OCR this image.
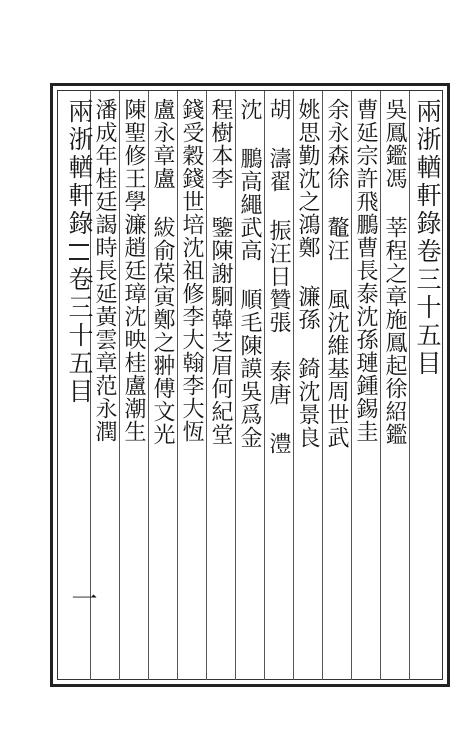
兩浙輶軒錄卷三十五目
吳鳳鑑馮 莘程之章施鳳起徐紹鑑
曹延宗許飛鵬曹長泰沈孫璉鍾錫圭
余永森徐 鼇汪 風沈維基周世武
姚思勤沈之鴻鄭 濂孫 錡沈景良
胡 濤翟 振汪日贊張 泰唐 澧
沈 鵬高繩武高 順毛陳謨吳爲金
程樹本李 鑒陳謝駉韓芝眉何紀堂
錢受穀錢世培沈祖修李大翰李大恆
盧永章盧 紱俞葆寅鄭之翀傅文光
陳聖修王學濂趙廷璋沈映桂盧潮生
潘成年桂廷謁時長延黃雲章范永潤
兩浙輶軒錄卷三十五目
一
